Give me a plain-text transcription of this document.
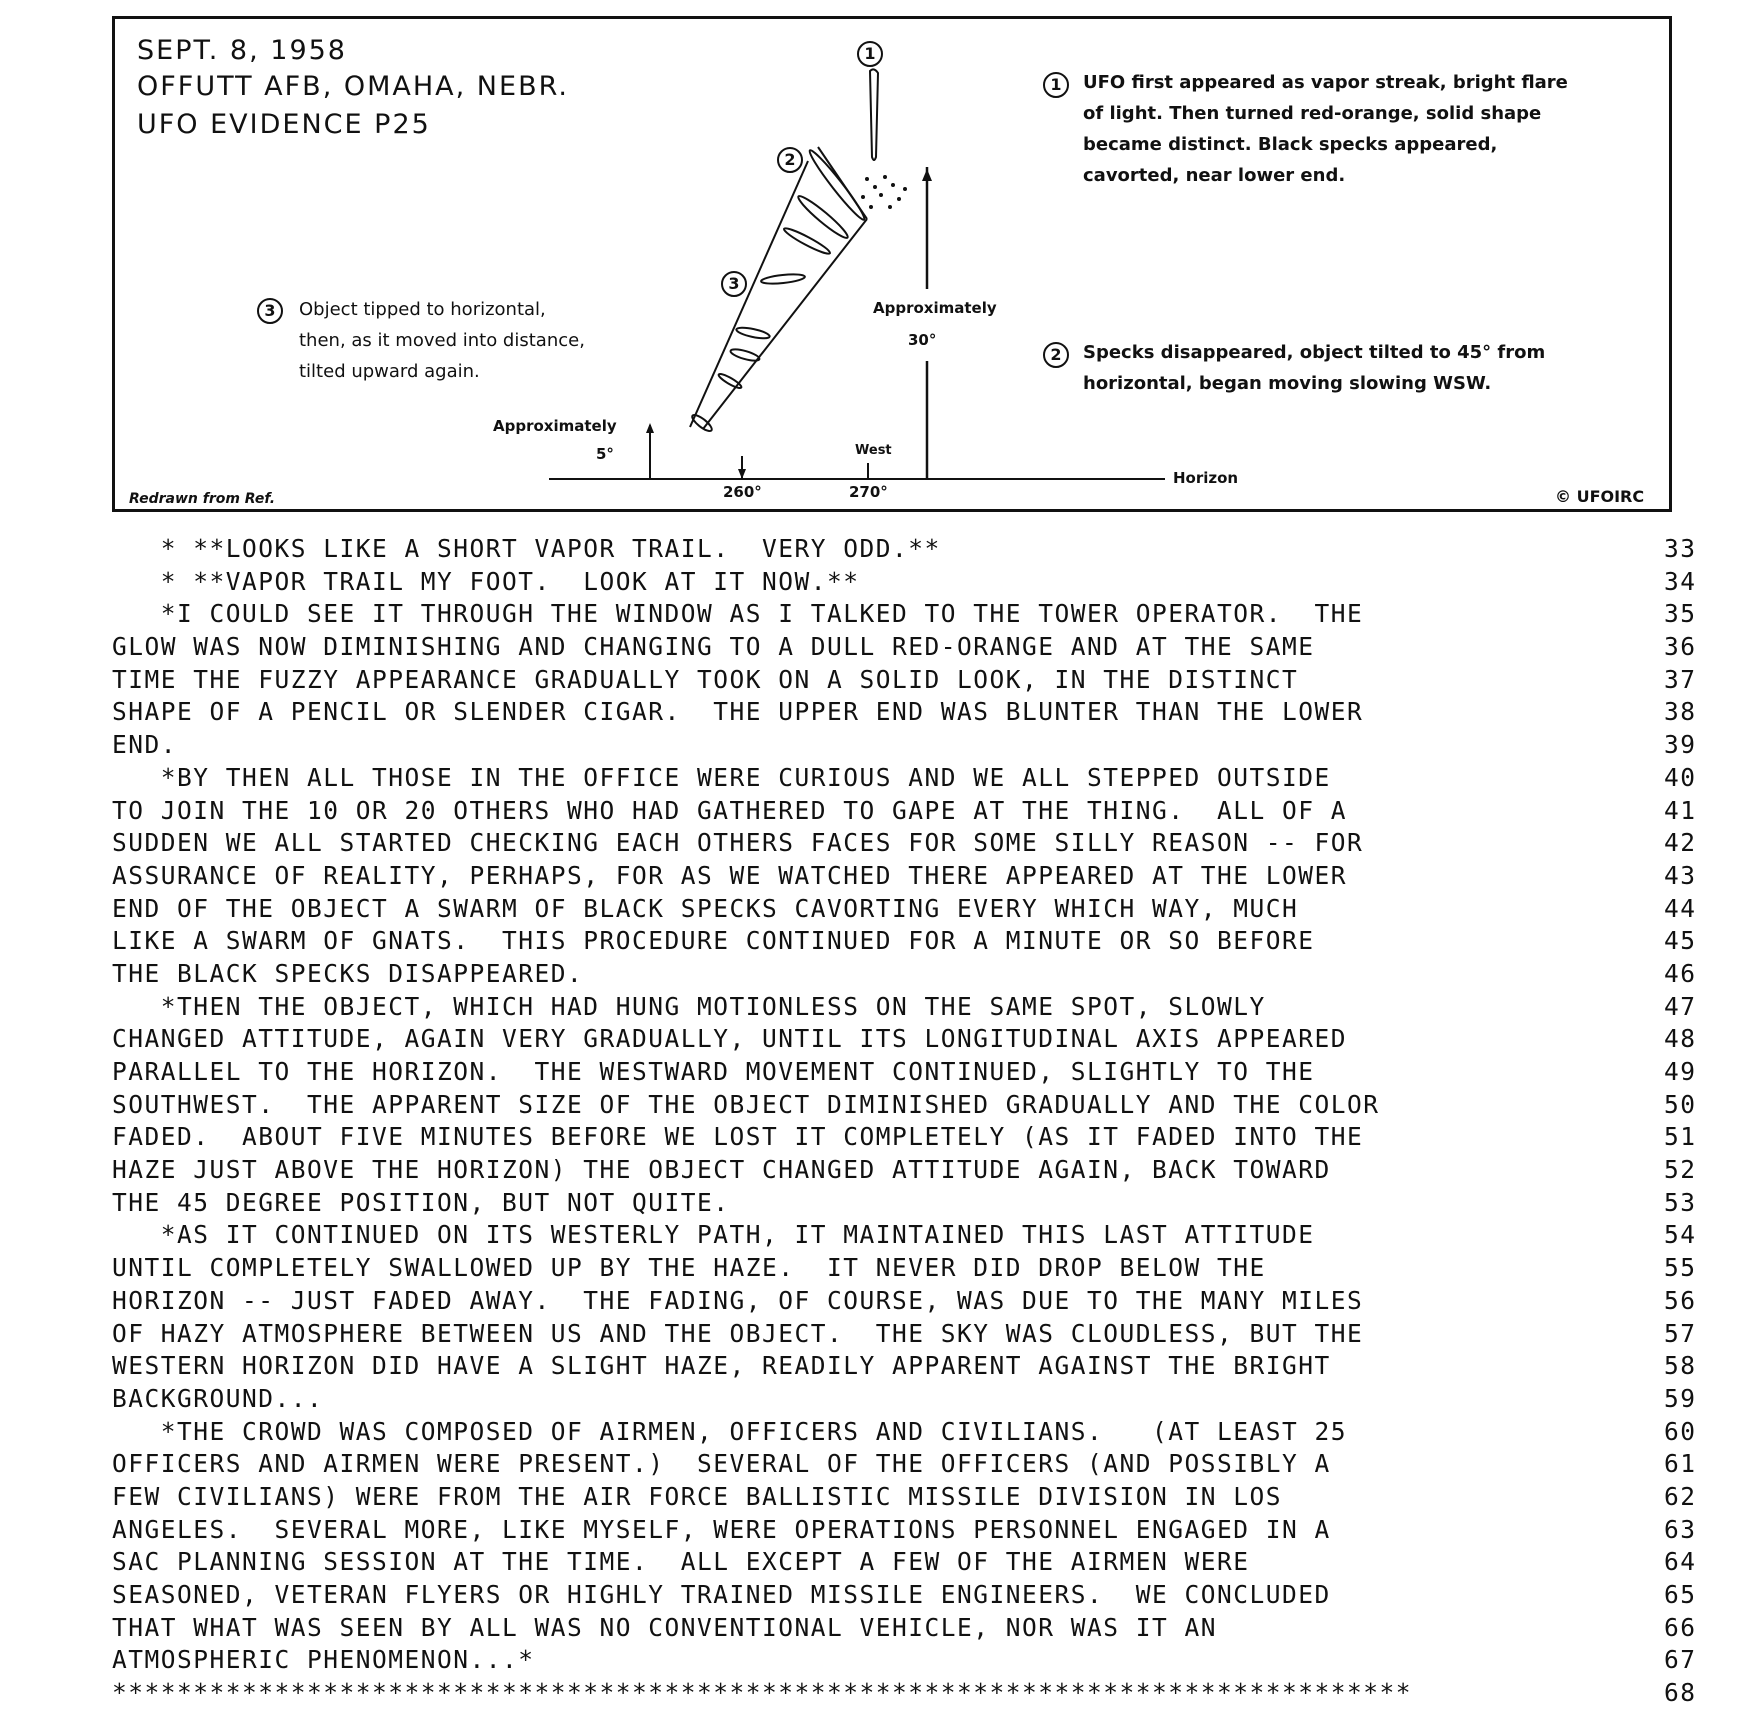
SEPT. 8, 1958
OFFUTT AFB, OMAHA, NEBR.
UFO EVIDENCE P25
1
2
3
1	UFO first appeared as vapor streak, bright flare
of light. Then turned red-orange, solid shape
became distinct. Black specks appeared,
cavorted, near lower end.
2	Specks disappeared, object tilted to 45° from
horizontal, began moving slowing WSW.
3	Object tipped to horizontal,
then, as it moved into distance,
tilted upward again.
Approximately
30°
Approximately
5°	West
260°	270°
Horizon
Redrawn from Ref.	© UFOIRC
* **LOOKS LIKE A SHORT VAPOR TRAIL.  VERY ODD.**	33
* **VAPOR TRAIL MY FOOT.  LOOK AT IT NOW.**	34
*I COULD SEE IT THROUGH THE WINDOW AS I TALKED TO THE TOWER OPERATOR.  THE	35
GLOW WAS NOW DIMINISHING AND CHANGING TO A DULL RED-ORANGE AND AT THE SAME	36
TIME THE FUZZY APPEARANCE GRADUALLY TOOK ON A SOLID LOOK, IN THE DISTINCT	37
SHAPE OF A PENCIL OR SLENDER CIGAR.  THE UPPER END WAS BLUNTER THAN THE LOWER	38
END.	39
*BY THEN ALL THOSE IN THE OFFICE WERE CURIOUS AND WE ALL STEPPED OUTSIDE	40
TO JOIN THE 10 OR 20 OTHERS WHO HAD GATHERED TO GAPE AT THE THING.  ALL OF A	41
SUDDEN WE ALL STARTED CHECKING EACH OTHERS FACES FOR SOME SILLY REASON -- FOR	42
ASSURANCE OF REALITY, PERHAPS, FOR AS WE WATCHED THERE APPEARED AT THE LOWER	43
END OF THE OBJECT A SWARM OF BLACK SPECKS CAVORTING EVERY WHICH WAY, MUCH	44
LIKE A SWARM OF GNATS.  THIS PROCEDURE CONTINUED FOR A MINUTE OR SO BEFORE	45
THE BLACK SPECKS DISAPPEARED.	46
*THEN THE OBJECT, WHICH HAD HUNG MOTIONLESS ON THE SAME SPOT, SLOWLY	47
CHANGED ATTITUDE, AGAIN VERY GRADUALLY, UNTIL ITS LONGITUDINAL AXIS APPEARED	48
PARALLEL TO THE HORIZON.  THE WESTWARD MOVEMENT CONTINUED, SLIGHTLY TO THE	49
SOUTHWEST.  THE APPARENT SIZE OF THE OBJECT DIMINISHED GRADUALLY AND THE COLOR	50
FADED.  ABOUT FIVE MINUTES BEFORE WE LOST IT COMPLETELY (AS IT FADED INTO THE	51
HAZE JUST ABOVE THE HORIZON) THE OBJECT CHANGED ATTITUDE AGAIN, BACK TOWARD	52
THE 45 DEGREE POSITION, BUT NOT QUITE.	53
*AS IT CONTINUED ON ITS WESTERLY PATH, IT MAINTAINED THIS LAST ATTITUDE	54
UNTIL COMPLETELY SWALLOWED UP BY THE HAZE.  IT NEVER DID DROP BELOW THE	55
HORIZON -- JUST FADED AWAY.  THE FADING, OF COURSE, WAS DUE TO THE MANY MILES	56
OF HAZY ATMOSPHERE BETWEEN US AND THE OBJECT.  THE SKY WAS CLOUDLESS, BUT THE	57
WESTERN HORIZON DID HAVE A SLIGHT HAZE, READILY APPARENT AGAINST THE BRIGHT	58
BACKGROUND...	59
*THE CROWD WAS COMPOSED OF AIRMEN, OFFICERS AND CIVILIANS.   (AT LEAST 25	60
OFFICERS AND AIRMEN WERE PRESENT.)  SEVERAL OF THE OFFICERS (AND POSSIBLY A	61
FEW CIVILIANS) WERE FROM THE AIR FORCE BALLISTIC MISSILE DIVISION IN LOS	62
ANGELES.  SEVERAL MORE, LIKE MYSELF, WERE OPERATIONS PERSONNEL ENGAGED IN A	63
SAC PLANNING SESSION AT THE TIME.  ALL EXCEPT A FEW OF THE AIRMEN WERE	64
SEASONED, VETERAN FLYERS OR HIGHLY TRAINED MISSILE ENGINEERS.  WE CONCLUDED	65
THAT WHAT WAS SEEN BY ALL WAS NO CONVENTIONAL VEHICLE, NOR WAS IT AN	66
ATMOSPHERIC PHENOMENON...*	67
********************************************************************************	68
